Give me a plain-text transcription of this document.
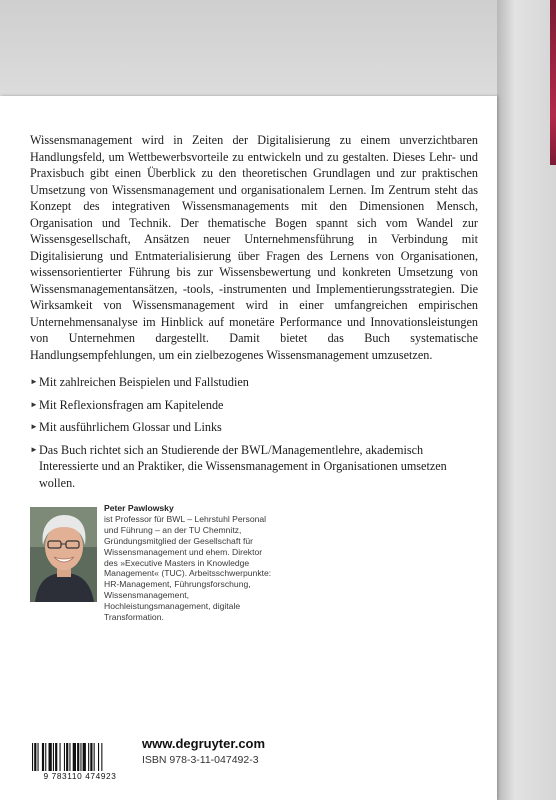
Wissensmanagement wird in Zeiten der Digitalisierung zu einem unverzichtbaren Handlungsfeld, um Wettbewerbsvorteile zu entwickeln und zu gestalten. Dieses Lehr- und Praxisbuch gibt einen Überblick zu den theoretischen Grundlagen und zur praktischen Umsetzung von Wissensmanagement und organisationalem Lernen. Im Zentrum steht das Konzept des integrativen Wissensmanagements mit den Dimensionen Mensch, Organisation und Technik. Der thematische Bogen spannt sich vom Wandel zur Wissensgesellschaft, Ansätzen neuer Unternehmensführung in Verbindung mit Digitalisierung und Entmaterialisierung über Fragen des Lernens von Organisationen, wissensorientierter Führung bis zur Wissensbewertung und konkreten Umsetzung von Wissensmanagementansätzen, -tools, -instrumenten und Implementierungsstrategien. Die Wirksamkeit von Wissensmanagement wird in einer umfangreichen empirischen Unternehmensanalyse im Hinblick auf monetäre Performance und Innovationsleistungen von Unternehmen dargestellt. Damit bietet das Buch systematische Handlungsempfehlungen, um ein zielbezogenes Wissensmanagement umzusetzen.

► Mit zahlreichen Beispielen und Fallstudien
► Mit Reflexionsfragen am Kapitelende
► Mit ausführlichem Glossar und Links
► Das Buch richtet sich an Studierende der BWL/Managementlehre, akademisch Interessierte und an Praktiker, die Wissensmanagement in Organisationen umsetzen wollen.
Peter Pawlowsky
ist Professor für BWL – Lehrstuhl Personal und Führung – an der TU Chemnitz, Gründungsmitglied der Gesellschaft für Wissensmanagement und ehem. Direktor des »Executive Masters in Knowledge Management« (TUC). Arbeitsschwerpunkte: HR-Management, Führungsforschung, Wissensmanagement, Hochleistungsmanagement, digitale Transformation.
9 783110 474923
www.degruyter.com
ISBN 978-3-11-047492-3
